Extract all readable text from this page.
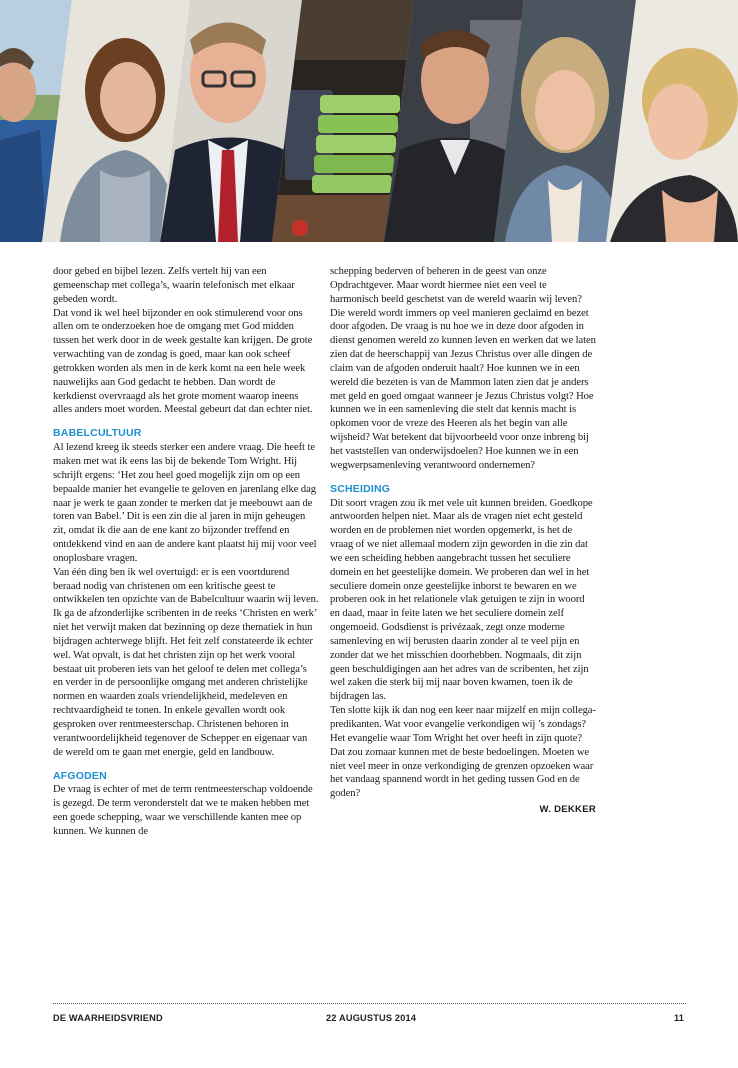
door gebed en bijbel lezen. Zelfs vertelt hij van een gemeenschap met collega’s, waarin telefonisch met elkaar gebeden wordt.

Dat vond ik wel heel bijzonder en ook stimulerend voor ons allen om te onderzoeken hoe de omgang met God midden tussen het werk door in de week gestalte kan krijgen. De grote verwachting van de zondag is goed, maar kan ook scheef getrokken worden als men in de kerk komt na een hele week nauwelijks aan God gedacht te hebben. Dan wordt de kerkdienst overvraagd als het grote moment waarop ineens alles anders moet worden. Meestal gebeurt dat dan echter niet.

BABELCULTUUR

Al lezend kreeg ik steeds sterker een andere vraag. Die heeft te maken met wat ik eens las bij de bekende Tom Wright. Hij schrijft ergens: ‘Het zou heel goed mogelijk zijn om op een bepaalde manier het evangelie te geloven en jarenlang elke dag naar je werk te gaan zonder te merken dat je meebouwt aan de toren van Babel.’ Dit is een zin die al jaren in mijn geheugen zit, omdat ik die aan de ene kant zo bijzonder treffend en ontdekkend vind en aan de andere kant plaatst hij mij voor veel onoplosbare vragen.

Van één ding ben ik wel overtuigd: er is een voortdurend beraad nodig van christenen om een kritische geest te ontwikkelen ten opzichte van de Babelcultuur waarin wij leven. Ik ga de afzonderlijke scribenten in de reeks ‘Christen en werk’ niet het verwijt maken dat bezinning op deze thematiek in hun bijdragen achterwege blijft. Het feit zelf constateerde ik echter wel. Wat opvalt, is dat het christen zijn op het werk vooral bestaat uit proberen iets van het geloof te delen met collega’s en verder in de persoonlijke omgang met anderen christelijke normen en waarden zoals vriendelijkheid, medeleven en rechtvaardigheid te tonen. In enkele gevallen wordt ook gesproken over rentmeesterschap. Christenen behoren in verantwoordelijkheid tegenover de Schepper en eigenaar van de wereld om te gaan met energie, geld en landbouw.

AFGODEN

De vraag is echter of met de term rentmeesterschap voldoende is gezegd. De term veronderstelt dat we te maken hebben met een goede schepping, waar we verschillende kanten mee op kunnen. We kunnen de

schepping bederven of beheren in de geest van onze Opdrachtgever. Maar wordt hiermee niet een veel te harmonisch beeld geschetst van de wereld waarin wij leven?

Die wereld wordt immers op veel manieren geclaimd en bezet door afgoden. De vraag is nu hoe we in deze door afgoden in dienst genomen wereld zo kunnen leven en werken dat we laten zien dat de heerschappij van Jezus Christus over alle dingen de claim van de afgoden onderuit haalt? Hoe kunnen we in een wereld die bezeten is van de Mammon laten zien dat je anders met geld en goed omgaat wanneer je Jezus Christus volgt? Hoe kunnen we in een samenleving die stelt dat kennis macht is opkomen voor de vreze des Heeren als het begin van alle wijsheid? Wat betekent dat bijvoorbeeld voor onze inbreng bij het vaststellen van onderwijsdoelen? Hoe kunnen we in een wegwerpsamenleving verantwoord ondernemen?

SCHEIDING

Dit soort vragen zou ik met vele uit kunnen breiden. Goedkope antwoorden helpen niet. Maar als de vragen niet echt gesteld worden en de problemen niet worden opgemerkt, is het de vraag of we niet allemaal modern zijn geworden in die zin dat we een scheiding hebben aangebracht tussen het seculiere domein en het geestelijke domein. We proberen dan wel in het seculiere domein onze geestelijke inborst te bewaren en we proberen ook in het relationele vlak getuigen te zijn in woord en daad, maar in feite laten we het seculiere domein zelf ongemoeid. Godsdienst is privézaak, zegt onze moderne samenleving en wij berusten daarin zonder al te veel pijn en zonder dat we het misschien doorhebben. Nogmaals, dit zijn geen beschuldigingen aan het adres van de scribenten, het zijn wel zaken die sterk bij mij naar boven kwamen, toen ik de bijdragen las.

Ten slotte kijk ik dan nog een keer naar mijzelf en mijn collega-predikanten. Wat voor evangelie verkondigen wij ’s zondags? Het evangelie waar Tom Wright het over heeft in zijn quote? Dat zou zomaar kunnen met de beste bedoelingen. Moeten we niet veel meer in onze verkondiging de grenzen opzoeken waar het vandaag spannend wordt in het geding tussen God en de goden?

W. DEKKER
DE WAARHEIDSVRIEND	22 AUGUSTUS 2014	11
